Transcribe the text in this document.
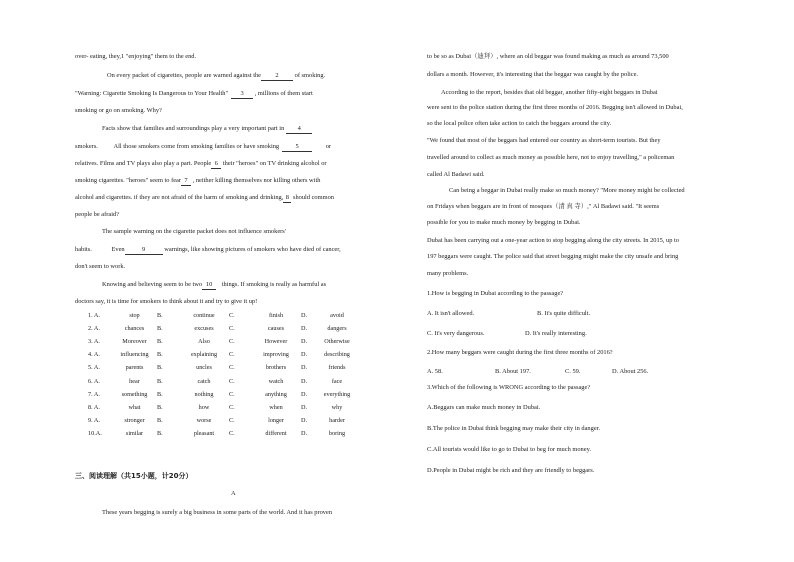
over- eating, they,1 "enjoying" them to the end.
On every packet of cigarettes, people are warned against the 2	of smoking.
"Warning: Cigarette Smoking Is Dangerous to Your Health" 3 , millions of them start
smoking or go on smoking. Why?
Facts show that families and surroundings play a very important part in 4
smokers. All those smokers come from smoking families or have smoking	5	or
relatives. Films and TV plays also play a part. People 6 their "heroes" on TV drinking alcohol or
smoking cigarettes. "heroes" seem to fear 7 , neither killing themselves nor killing others with
alcohol and cigarettes. if they are not afraid of the harm of smoking and drinking, 8 should common
people be afraid?
The sample warning on the cigarette packet does not influence smokers'
habits.	Even	9	warnings, like showing pictures of smokers who have died of cancer,
don't seem to work.
Knowing and believing seem to be two 10 things. If smoking is really as harmful as
doctors say, it is time for smokers to think about it and try to give it up!
1. A.	stop	B.	continue	C.	finish	D.	avoid
2. A.	chances	B.	excuses	C.	causes	D.	dangers
3. A.	Moreover	B.	Also	C.	However	D.	Otherwise
4. A.	influencing	B.	explaining	C.	improving	D.	describing
5. A.	parents	B.	uncles	C.	brothers	D.	friends
6. A.	hear	B.	catch	C.	watch	D.	face
7. A.	something	B.	nothing	C.	anything	D.	everything
8. A.	what	B.	how	C.	when	D.	why
9. A.	stronger	B.	worse	C.	longer	D.	harder
10.A.	similar	B.	pleasant	C.	different	D.	boring
三、阅读理解（共15小题，计20分）
A
These years begging is surely a big business in some parts of the world. And it has proven
to be so as Dubai（迪拜）, where an old beggar was found making as much as around 73,500
dollars a month. However, it's interesting that the beggar was caught by the police.
According to the report, besides that old beggar, another fifty-eight beggars in Dubai
were sent to the police station during the first three months of 2016. Begging isn't allowed in Dubai,
so the local police often take action to catch the beggars around the city.
"We found that most of the beggars had entered our country as short-term tourists. But they
travelled around to collect as much money as possible here, not to enjoy travelling," a policeman
called Al Badawi said.
Can being a beggar in Dubai really make so much money? "More money might be collected
on Fridays when beggars are in front of mosques（清 真 寺）," Al Badawi said. "It seems
possible for you to make much money by begging in Dubai.
Dubai has been carrying out a one-year action to stop begging along the city streets. In 2015, up to
197 beggars were caught. The police said that street begging might make the city unsafe and bring
many problems.
1.How is begging in Dubai according to the passage?
A. It isn't allowed.	B. It's quite difficult.
C. It's very dangerous.	D. It's really interesting.
2.How many beggars were caught during the first three months of 2016?
A. 58.	B. About 197.	C. 59.	D. About 256.
3.Which of the following is WRONG according to the passage?
A.Beggars can make much money in Dubai.
B.The police in Dubai think begging may make their city in danger.
C.All tourists would like to go to Dubai to beg for much money.
D.People in Dubai might be rich and they are friendly to beggars.
